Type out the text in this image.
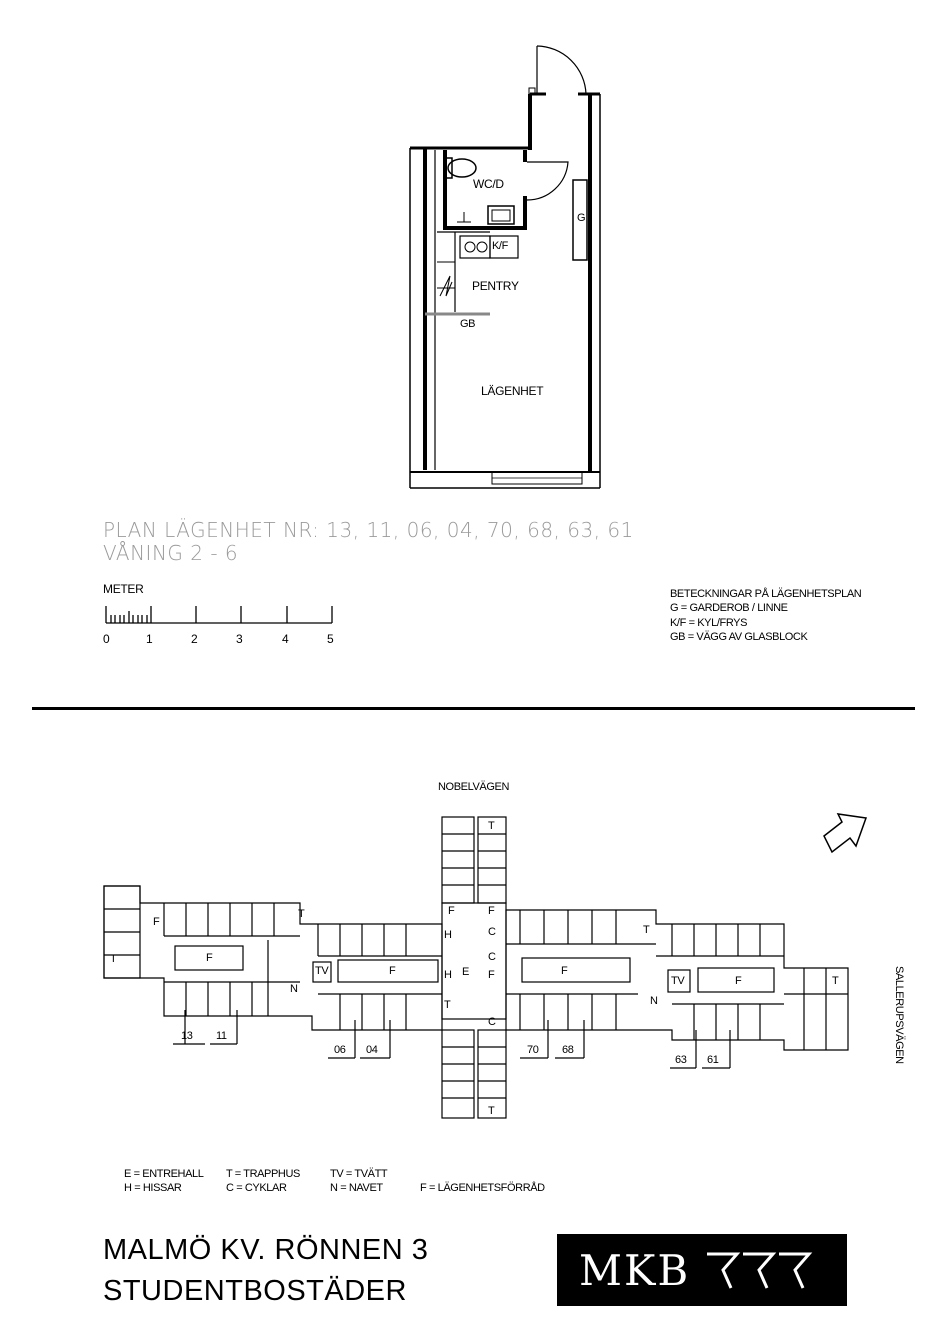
WC/D
K/F
PENTRY
GB
G
LÄGENHET
PLAN LÄGENHET NR: 13, 11, 06, 04, 70, 68, 63, 61
VÅNING 2 - 6
METER
0	1	2	3	4	5
BETECKNINGAR PÅ LÄGENHETSPLAN
G = GARDEROB / LINNE
K/F = KYL/FRYS
GB = VÄGG AV GLASBLOCK
NOBELVÄGEN
SALLERUPSVÄGEN
F
T	F
T
N
TV	F
F
H
H E
T
T
F
C
C
F
C
T
F
T
N
TV	F	T
13 11
06 04	70 68
63 61
E = ENTREHALL
H = HISSAR
T = TRAPPHUS
C = CYKLAR
TV = TVÄTT
N = NAVET	F = LÄGENHETSFÖRRÅD
MALMÖ KV. RÖNNEN 3
STUDENTBOSTÄDER	MKB
